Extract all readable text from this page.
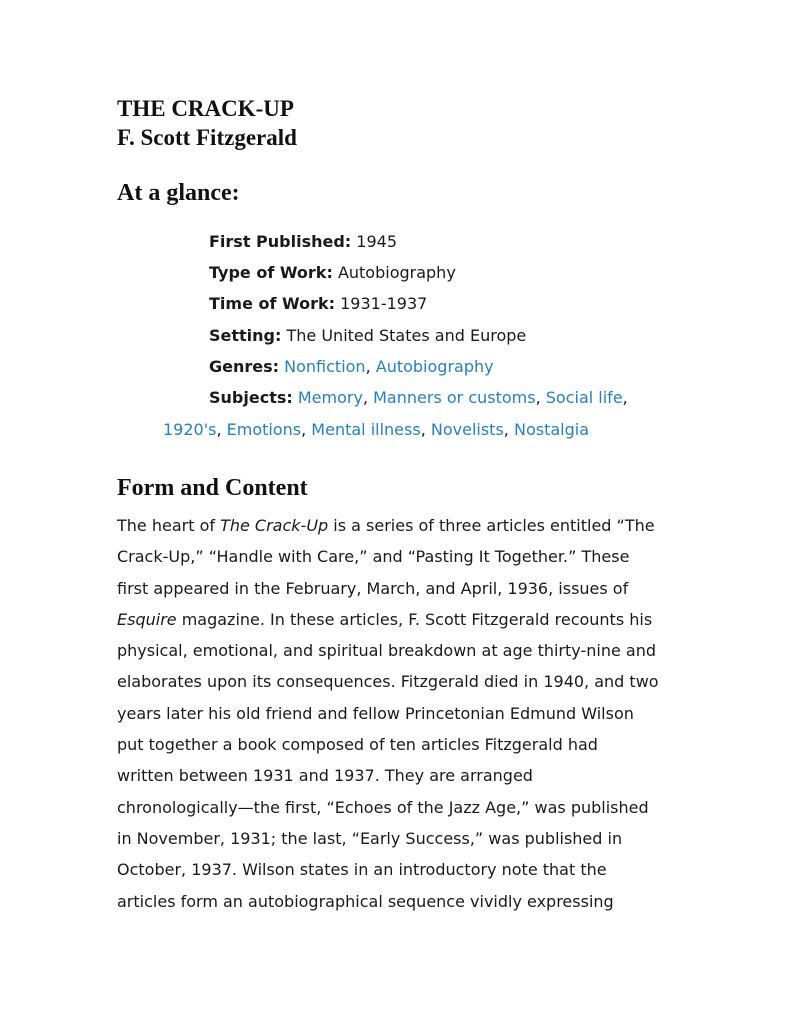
THE CRACK-UP
F. Scott Fitzgerald
At a glance:
First Published: 1945
Type of Work: Autobiography
Time of Work: 1931-1937
Setting: The United States and Europe
Genres: Nonfiction, Autobiography
Subjects: Memory, Manners or customs, Social life,
1920's, Emotions, Mental illness, Novelists, Nostalgia
Form and Content
The heart of The Crack-Up is a series of three articles entitled “The
Crack-Up,” “Handle with Care,” and “Pasting It Together.” These
first appeared in the February, March, and April, 1936, issues of
Esquire magazine. In these articles, F. Scott Fitzgerald recounts his
physical, emotional, and spiritual breakdown at age thirty-nine and
elaborates upon its consequences. Fitzgerald died in 1940, and two
years later his old friend and fellow Princetonian Edmund Wilson
put together a book composed of ten articles Fitzgerald had
written between 1931 and 1937. They are arranged
chronologically—the first, “Echoes of the Jazz Age,” was published
in November, 1931; the last, “Early Success,” was published in
October, 1937. Wilson states in an introductory note that the
articles form an autobiographical sequence vividly expressing
